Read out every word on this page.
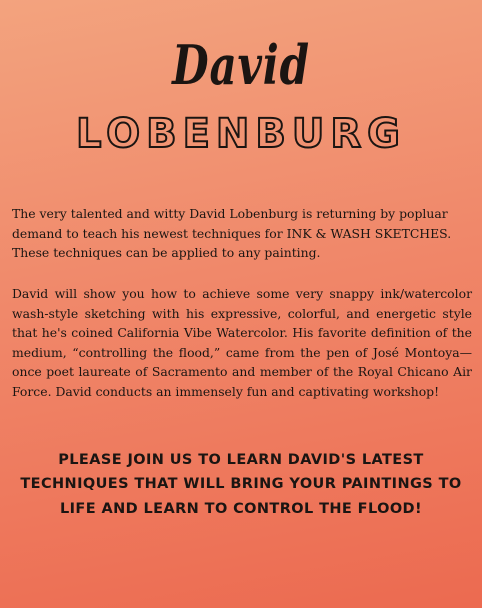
David
LOBENBURG

The very talented and witty David Lobenburg is returning by popluar demand to teach his newest techniques for INK & WASH SKETCHES. These techniques can be applied to any painting.

David will show you how to achieve some very snappy ink/watercolor wash-style sketching with his expressive, colorful, and energetic style that he's coined California Vibe Watercolor. His favorite definition of the medium, “controlling the flood,” came from the pen of José Montoya—once poet laureate of Sacramento and member of the Royal Chicano Air Force. David conducts an immensely fun and captivating workshop!

PLEASE JOIN US TO LEARN DAVID'S LATEST TECHNIQUES THAT WILL BRING YOUR PAINTINGS TO LIFE AND LEARN TO CONTROL THE FLOOD!
